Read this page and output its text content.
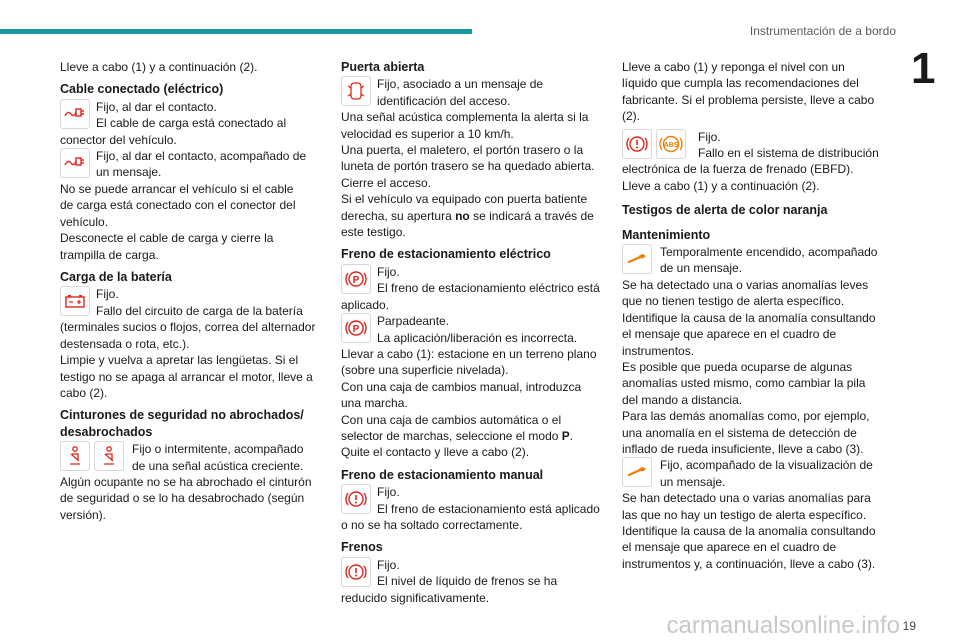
Instrumentación de a bordo
1

Lleve a cabo (1) y a continuación (2).

Cable conectado (eléctrico)

Fijo, al dar el contacto.

El cable de carga está conectado al

conector del vehículo.

Fijo, al dar el contacto, acompañado de

un mensaje.

No se puede arrancar el vehículo si el cable

de carga está conectado con el conector del

vehículo.

Desconecte el cable de carga y cierre la

trampilla de carga.

Carga de la batería

Fijo.

Fallo del circuito de carga de la batería

(terminales sucios o flojos, correa del alternador

destensada o rota, etc.).

Limpie y vuelva a apretar las lengüetas. Si el

testigo no se apaga al arrancar el motor, lleve a

cabo (2).

Cinturones de seguridad no abrochados/
desabrochados

Fijo o intermitente, acompañado

de una señal acústica creciente.

Algún ocupante no se ha abrochado el cinturón

de seguridad o se lo ha desabrochado (según

versión).

Puerta abierta

Fijo, asociado a un mensaje de

identificación del acceso.

Una señal acústica complementa la alerta si la

velocidad es superior a 10 km/h.

Una puerta, el maletero, el portón trasero o la

luneta de portón trasero se ha quedado abierta.

Cierre el acceso.

Si el vehículo va equipado con puerta batiente

derecha, su apertura no se indicará a través de

este testigo.

Freno de estacionamiento eléctrico
P

Fijo.

El freno de estacionamiento eléctrico está

aplicado.

P

Parpadeante.

La aplicación/liberación es incorrecta.

Llevar a cabo (1): estacione en un terreno plano

(sobre una superficie nivelada).

Con una caja de cambios manual, introduzca

una marcha.

Con una caja de cambios automática o el

selector de marchas, seleccione el modo P.

Quite el contacto y lleve a cabo (2).

Freno de estacionamiento manual

Fijo.

El freno de estacionamiento está aplicado

o no se ha soltado correctamente.

Frenos

Fijo.

El nivel de líquido de frenos se ha

reducido significativamente.

Lleve a cabo (1) y reponga el nivel con un

líquido que cumpla las recomendaciones del

fabricante. Si el problema persiste, lleve a cabo

(2).

ABS

Fijo.

Fallo en el sistema de distribución

electrónica de la fuerza de frenado (EBFD).

Lleve a cabo (1) y a continuación (2).

Testigos de alerta de color naranja
Mantenimiento

Temporalmente encendido, acompañado

de un mensaje.

Se ha detectado una o varias anomalías leves

que no tienen testigo de alerta específico.

Identifique la causa de la anomalía consultando

el mensaje que aparece en el cuadro de

instrumentos.

Es posible que pueda ocuparse de algunas

anomalías usted mismo, como cambiar la pila

del mando a distancia.

Para las demás anomalías como, por ejemplo,

una anomalía en el sistema de detección de

inflado de rueda insuficiente, lleve a cabo (3).

Fijo, acompañado de la visualización de

un mensaje.

Se han detectado una o varias anomalías para

las que no hay un testigo de alerta específico.

Identifique la causa de la anomalía consultando

el mensaje que aparece en el cuadro de

instrumentos y, a continuación, lleve a cabo (3).

carmanualsonline.info 19
